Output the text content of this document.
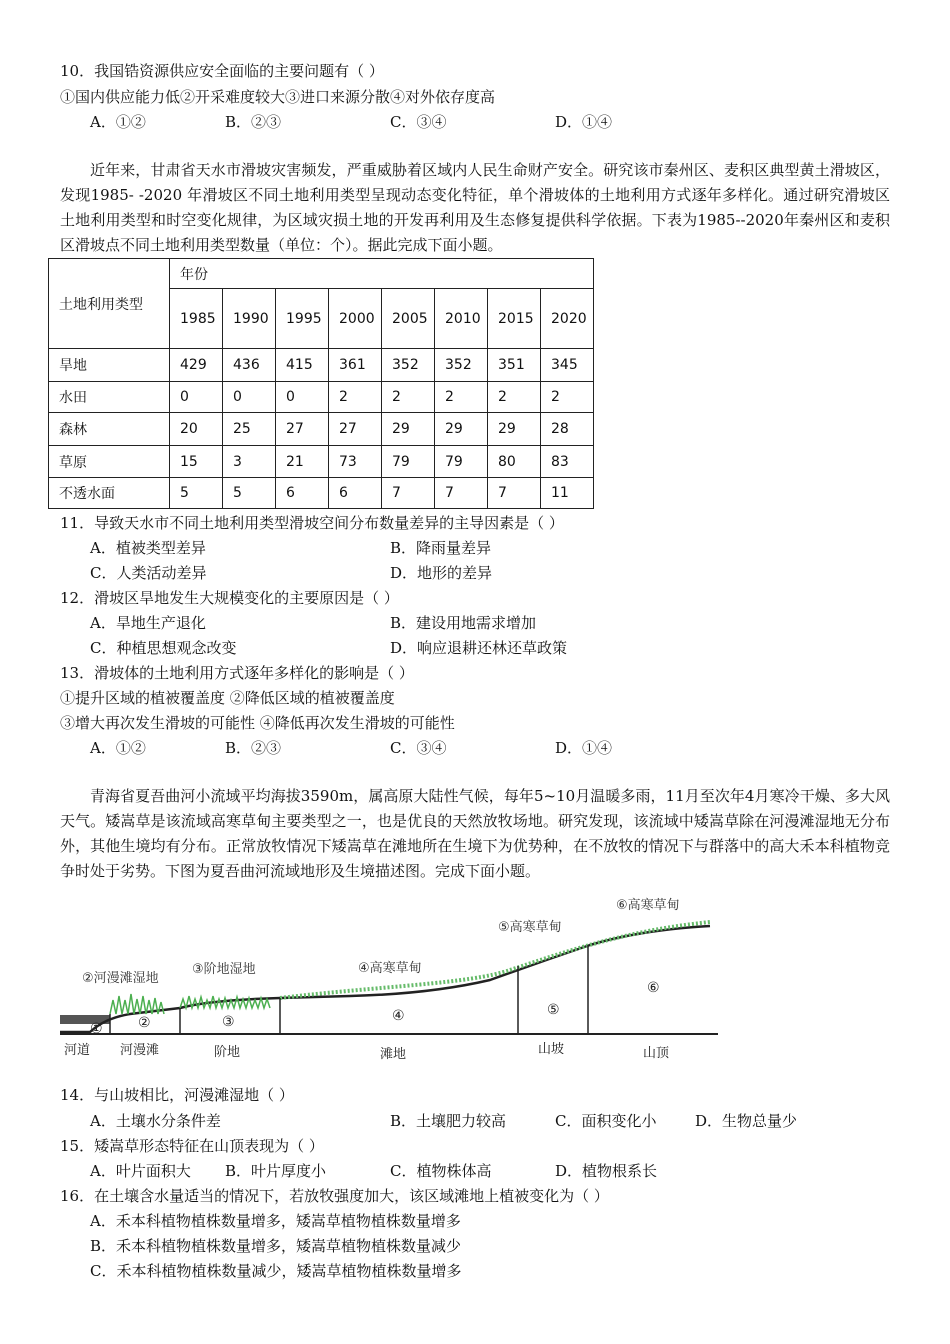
10．我国锆资源供应安全面临的主要问题有（ ）
①国内供应能力低②开采难度较大③进口来源分散④对外依存度高
A．①②	B．②③	C．③④	D．①④
近年来，甘肃省天水市滑坡灾害频发，严重威胁着区域内人民生命财产安全。研究该市秦州区、麦积区典型黄土滑坡区，发现1985- -2020 年滑坡区不同土地利用类型呈现动态变化特征，单个滑坡体的土地利用方式逐年多样化。通过研究滑坡区土地利用类型和时空变化规律，为区域灾损土地的开发再利用及生态修复提供科学依据。下表为1985--2020年秦州区和麦积区滑坡点不同土地利用类型数量（单位：个）。据此完成下面小题。
土地利用类型	年份							
	1985	1990	1995	2000	2005	2010	2015	2020
旱地	429	436	415	361	352	352	351	345
水田	0	0	0	2	2	2	2	2
森林	20	25	27	27	29	29	29	28
草原	15	3	21	73	79	79	80	83
不透水面	5	5	6	6	7	7	7	11
11．导致天水市不同土地利用类型滑坡空间分布数量差异的主导因素是（ ）
A．植被类型差异	B．降雨量差异
C．人类活动差异	D．地形的差异
12．滑坡区旱地发生大规模变化的主要原因是（ ）
A．旱地生产退化	B．建设用地需求增加
C．种植思想观念改变	D．响应退耕还林还草政策
13．滑坡体的土地利用方式逐年多样化的影响是（ ）
①提升区域的植被覆盖度 ②降低区域的植被覆盖度
③增大再次发生滑坡的可能性 ④降低再次发生滑坡的可能性
A．①②	B．②③	C．③④	D．①④
青海省夏吾曲河小流域平均海拔3590m，属高原大陆性气候，每年5~10月温暖多雨，11月至次年4月寒冷干燥、多大风天气。矮嵩草是该流域高寒草甸主要类型之一，也是优良的天然放牧场地。研究发现，该流域中矮嵩草除在河漫滩湿地无分布外，其他生境均有分布。正常放牧情况下矮嵩草在滩地所在生境下为优势种，在不放牧的情况下与群落中的高大禾本科植物竞争时处于劣势。下图为夏吾曲河流域地形及生境描述图。完成下面小题。
②河漫滩湿地
③阶地湿地	④高寒草甸
⑤高寒草甸
⑥高寒草甸
①	②	③	④	⑤
⑥
河道 河漫滩	阶地	滩地	山坡	山顶
14．与山坡相比，河漫滩湿地（ ）
A．土壤水分条件差	B．土壤肥力较高	C．面积变化小	D．生物总量少
15．矮嵩草形态特征在山顶表现为（ ）
A．叶片面积大 B．叶片厚度小	C．植物株体高	D．植物根系长
16．在土壤含水量适当的情况下，若放牧强度加大，该区域滩地上植被变化为（ ）
A．禾本科植物植株数量增多，矮嵩草植物植株数量增多
B．禾本科植物植株数量增多，矮嵩草植物植株数量减少
C．禾本科植物植株数量减少，矮嵩草植物植株数量增多
